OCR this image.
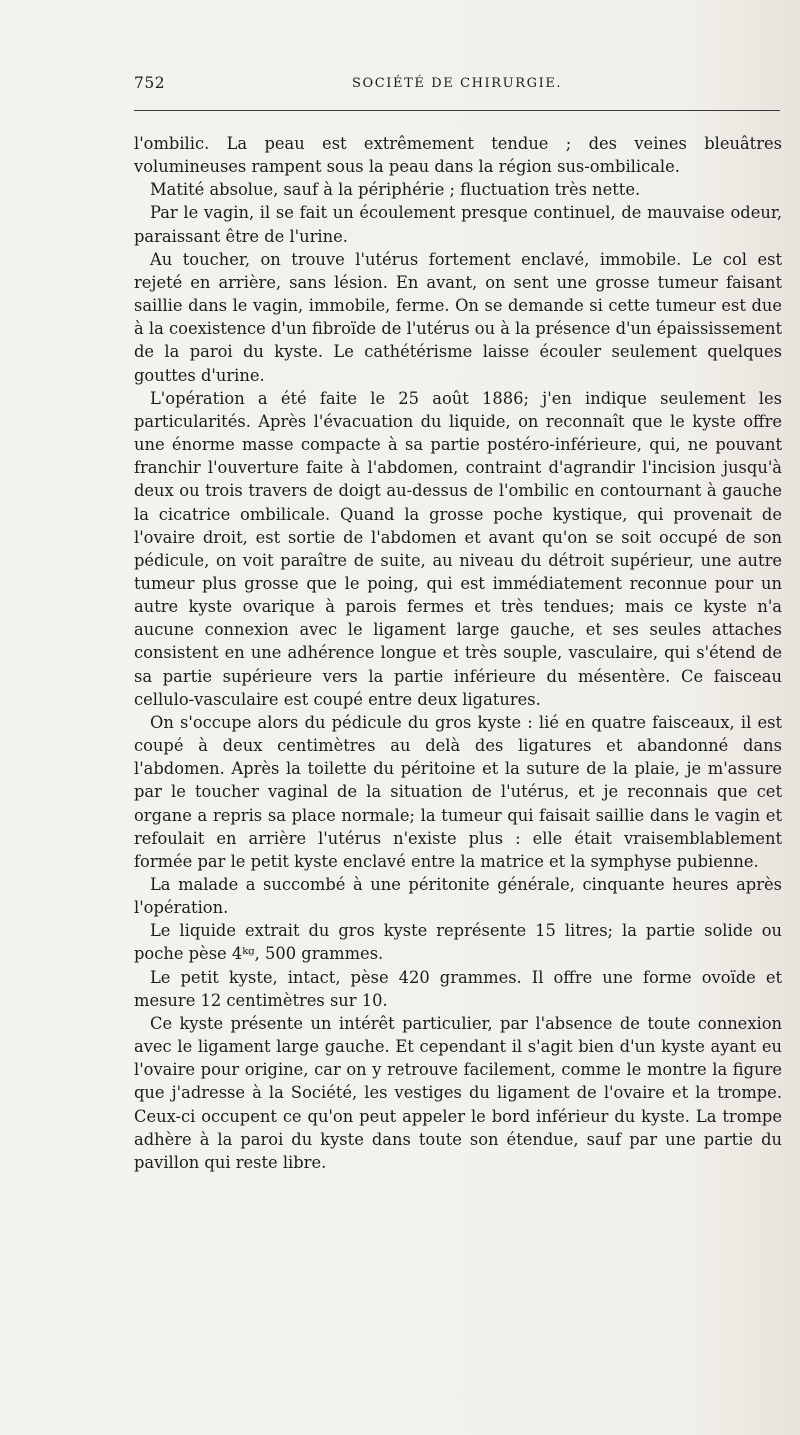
752	SOCIÉTÉ DE CHIRURGIE.

l'ombilic. La peau est extrêmement tendue ; des veines bleuâtres volumineuses rampent sous la peau dans la région sus-ombilicale.

Matité absolue, sauf à la périphérie ; fluctuation très nette.

Par le vagin, il se fait un écoulement presque continuel, de mauvaise odeur, paraissant être de l'urine.

Au toucher, on trouve l'utérus fortement enclavé, immobile. Le col est rejeté en arrière, sans lésion. En avant, on sent une grosse tumeur faisant saillie dans le vagin, immobile, ferme. On se demande si cette tumeur est due à la coexistence d'un fibroïde de l'utérus ou à la présence d'un épaississement de la paroi du kyste. Le cathétérisme laisse écouler seulement quelques gouttes d'urine.

L'opération a été faite le 25 août 1886; j'en indique seulement les particularités. Après l'évacuation du liquide, on reconnaît que le kyste offre une énorme masse compacte à sa partie postéro-inférieure, qui, ne pouvant franchir l'ouverture faite à l'abdomen, contraint d'agrandir l'incision jusqu'à deux ou trois travers de doigt au-dessus de l'ombilic en contournant à gauche la cicatrice ombilicale. Quand la grosse poche kystique, qui provenait de l'ovaire droit, est sortie de l'abdomen et avant qu'on se soit occupé de son pédicule, on voit paraître de suite, au niveau du détroit supérieur, une autre tumeur plus grosse que le poing, qui est immédiatement reconnue pour un autre kyste ovarique à parois fermes et très tendues; mais ce kyste n'a aucune connexion avec le ligament large gauche, et ses seules attaches consistent en une adhérence longue et très souple, vasculaire, qui s'étend de sa partie supérieure vers la partie inférieure du mésentère. Ce faisceau cellulo-vasculaire est coupé entre deux ligatures.

On s'occupe alors du pédicule du gros kyste : lié en quatre faisceaux, il est coupé à deux centimètres au delà des ligatures et abandonné dans l'abdomen. Après la toilette du péritoine et la suture de la plaie, je m'assure par le toucher vaginal de la situation de l'utérus, et je reconnais que cet organe a repris sa place normale; la tumeur qui faisait saillie dans le vagin et refoulait en arrière l'utérus n'existe plus : elle était vraisemblablement formée par le petit kyste enclavé entre la matrice et la symphyse pubienne.

La malade a succombé à une péritonite générale, cinquante heures après l'opération.

Le liquide extrait du gros kyste représente 15 litres; la partie solide ou poche pèse 4ᵏᵍ, 500 grammes.

Le petit kyste, intact, pèse 420 grammes. Il offre une forme ovoïde et mesure 12 centimètres sur 10.

Ce kyste présente un intérêt particulier, par l'absence de toute connexion avec le ligament large gauche. Et cependant il s'agit bien d'un kyste ayant eu l'ovaire pour origine, car on y retrouve facilement, comme le montre la figure que j'adresse à la Société, les vestiges du ligament de l'ovaire et la trompe. Ceux-ci occupent ce qu'on peut appeler le bord inférieur du kyste. La trompe adhère à la paroi du kyste dans toute son étendue, sauf par une partie du pavillon qui reste libre.
